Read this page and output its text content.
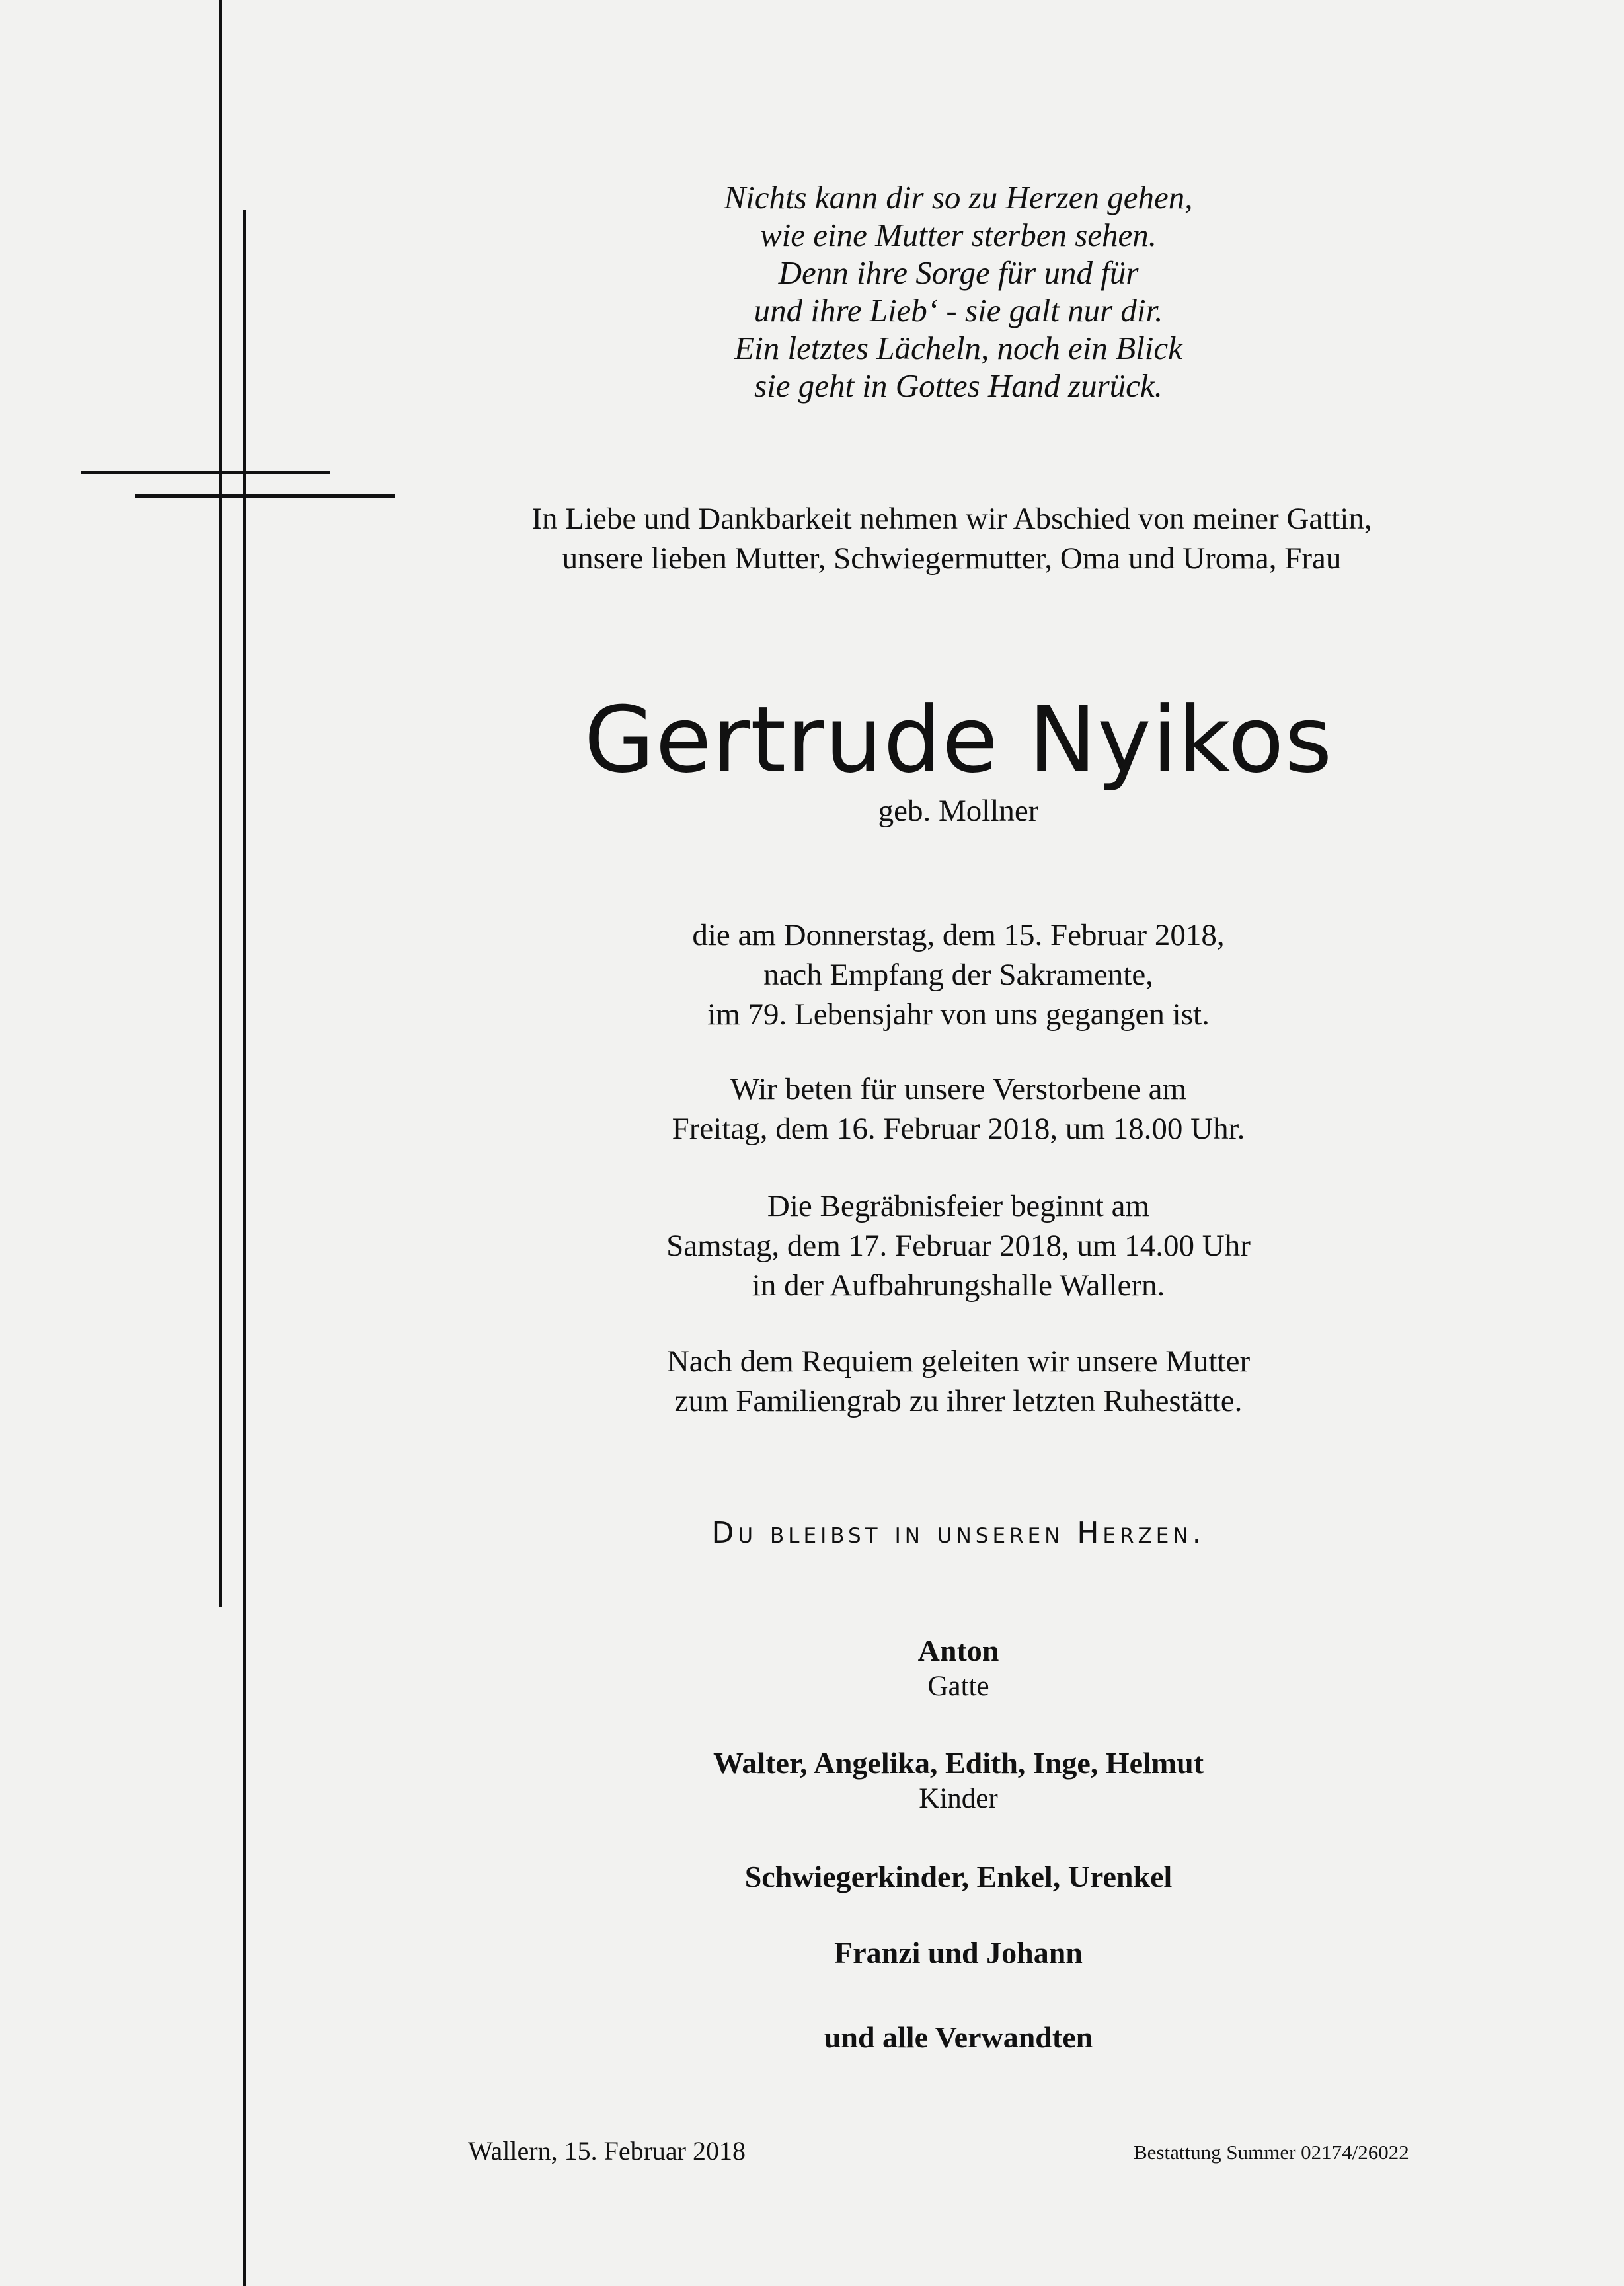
Nichts kann dir so zu Herzen gehen,
wie eine Mutter sterben sehen.
Denn ihre Sorge für und für
und ihre Lieb‘ - sie galt nur dir.
Ein letztes Lächeln, noch ein Blick
sie geht in Gottes Hand zurück.
In Liebe und Dankbarkeit nehmen wir Abschied von meiner Gattin,
unsere lieben Mutter, Schwiegermutter, Oma und Uroma, Frau
Gertrude Nyikos
geb. Mollner
die am Donnerstag, dem 15. Februar 2018,
nach Empfang der Sakramente,
im 79. Lebensjahr von uns gegangen ist.
Wir beten für unsere Verstorbene am
Freitag, dem 16. Februar 2018, um 18.00 Uhr.
Die Begräbnisfeier beginnt am
Samstag, dem 17. Februar 2018, um 14.00 Uhr
in der Aufbahrungshalle Wallern.
Nach dem Requiem geleiten wir unsere Mutter
zum Familiengrab zu ihrer letzten Ruhestätte.
Du bleibst in unseren Herzen.
Anton
Gatte
Walter, Angelika, Edith, Inge, Helmut
Kinder
Schwiegerkinder, Enkel, Urenkel
Franzi und Johann
und alle Verwandten
Wallern, 15. Februar 2018	Bestattung Summer 02174/26022
